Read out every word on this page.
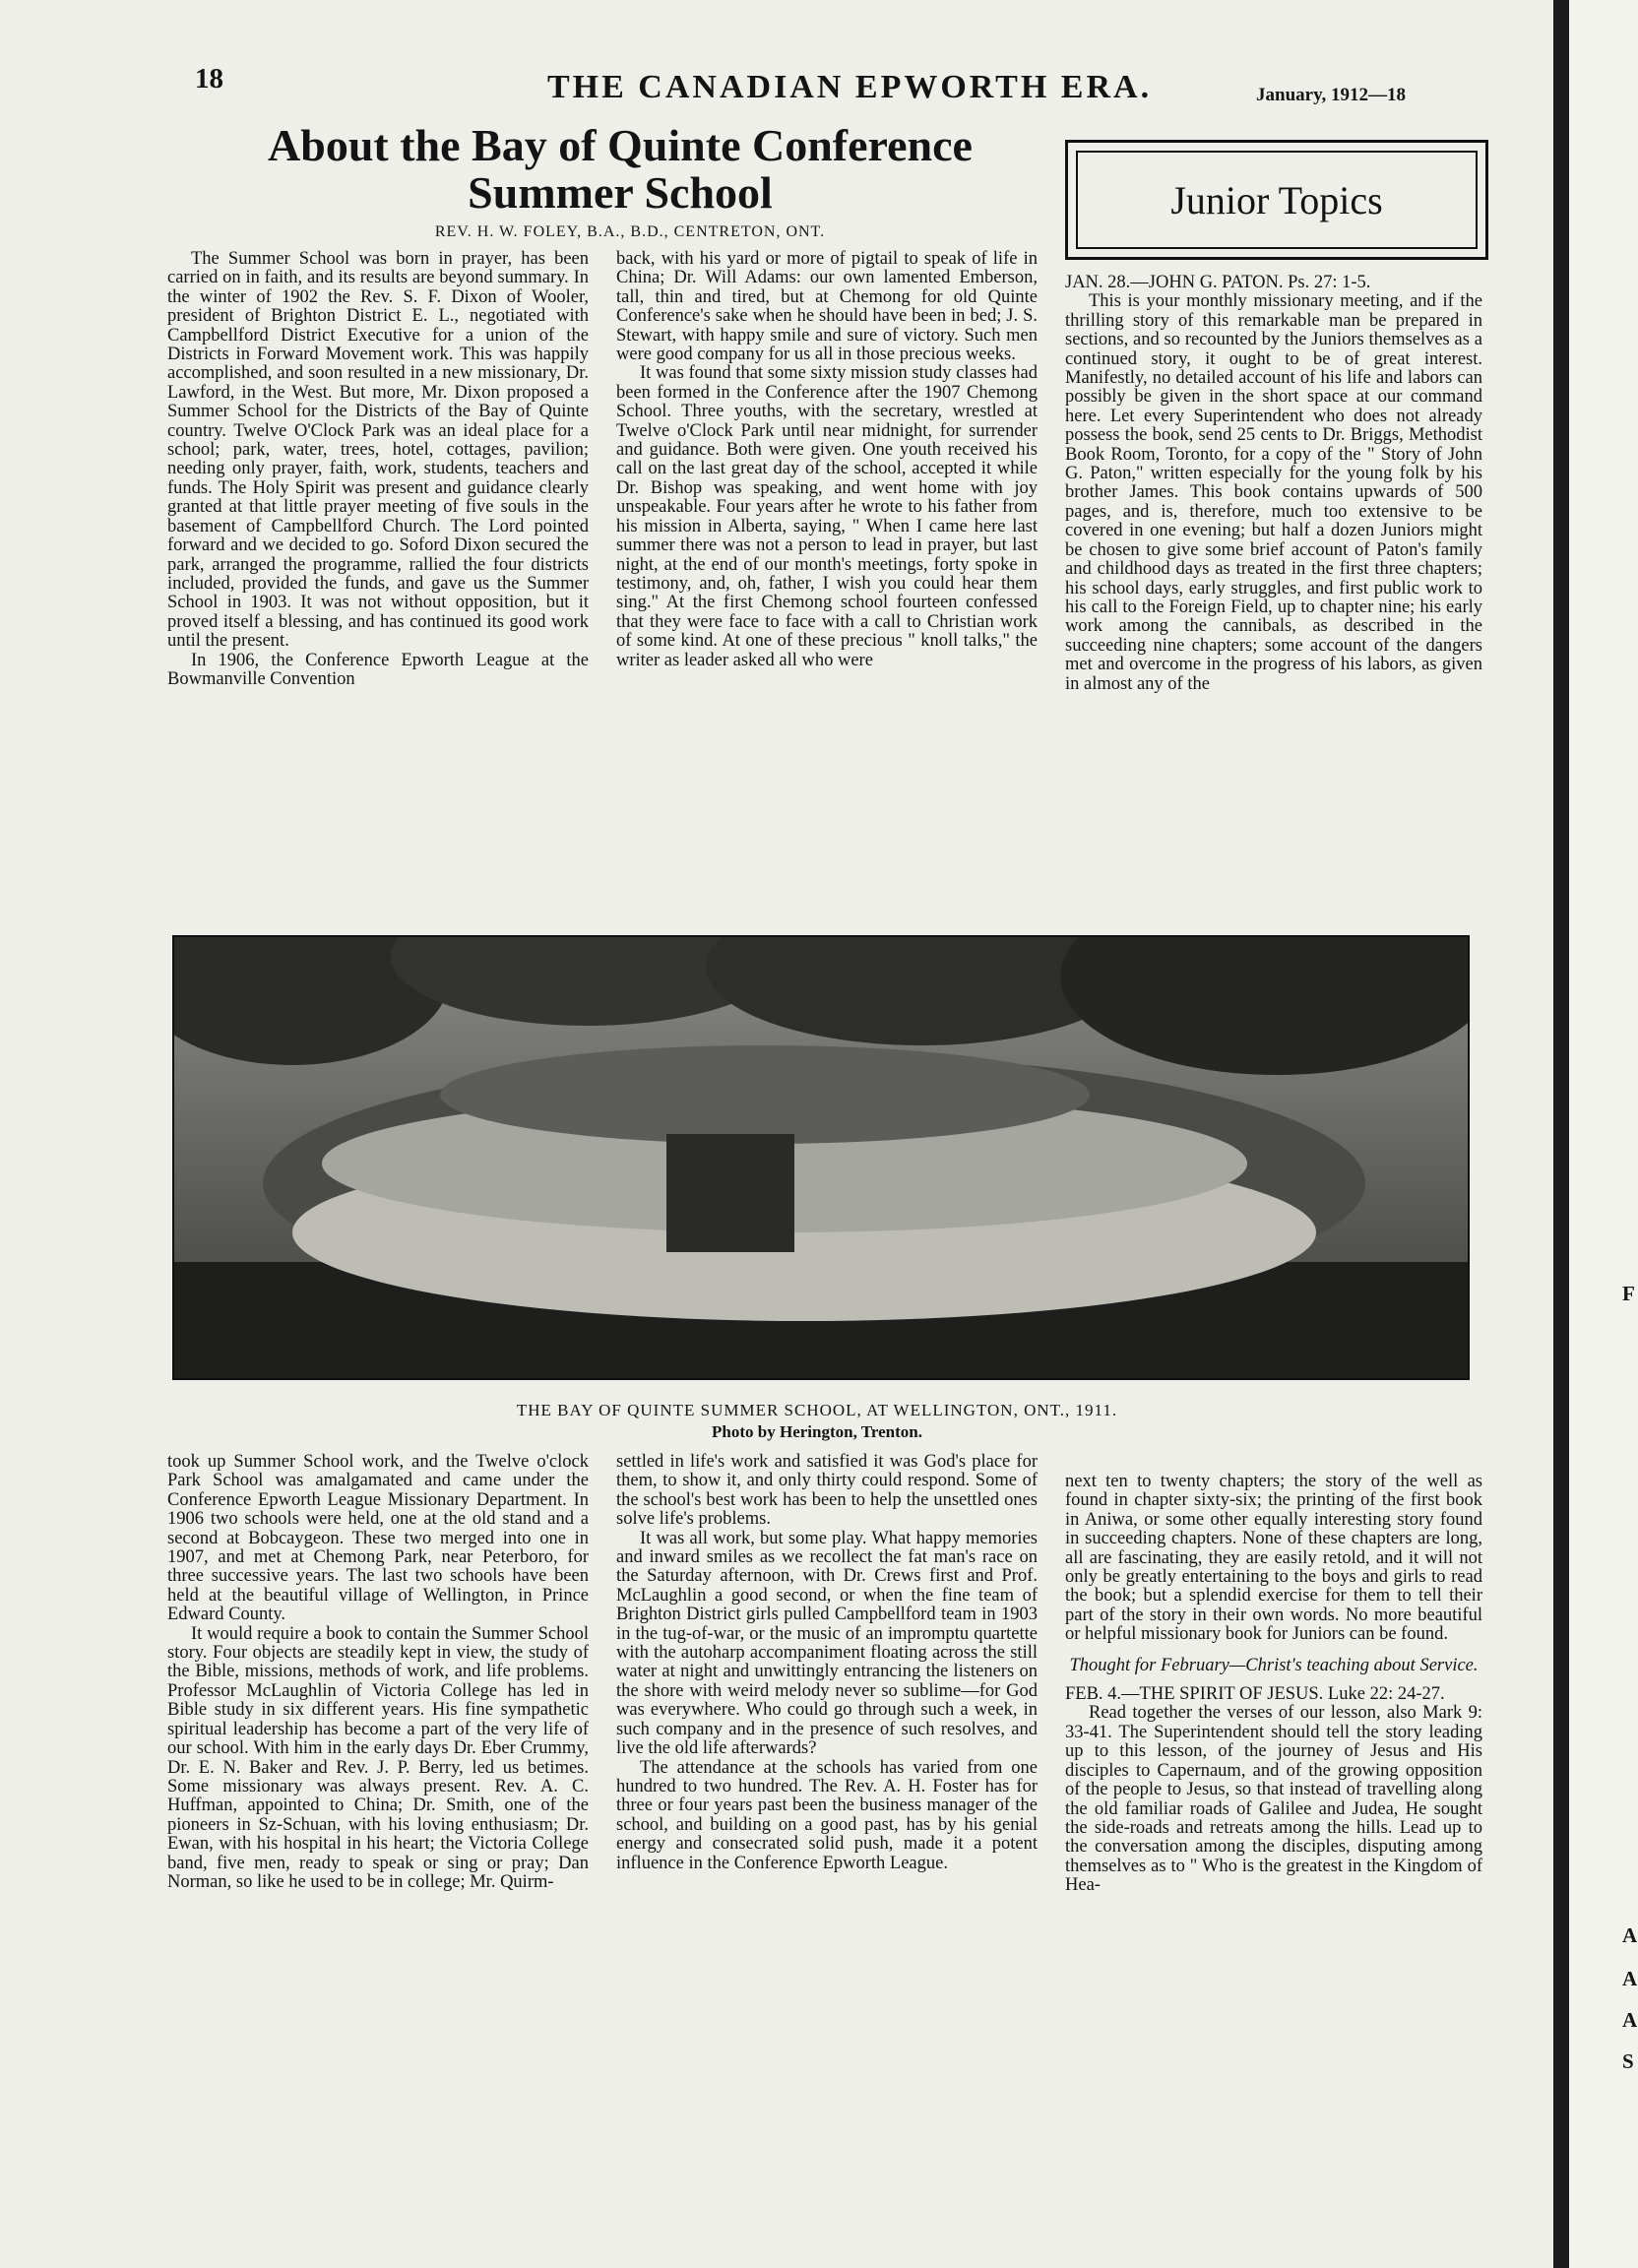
18	THE CANADIAN EPWORTH ERA.	January, 1912—18
About the Bay of Quinte Conference Summer School
REV. H. W. FOLEY, B.A., B.D., CENTRETON, ONT.

The Summer School was born in prayer, has been carried on in faith, and its results are beyond summary. In the winter of 1902 the Rev. S. F. Dixon of Wooler, president of Brighton District E. L., negotiated with Campbellford District Executive for a union of the Districts in Forward Movement work. This was happily accomplished, and soon resulted in a new missionary, Dr. Lawford, in the West. But more, Mr. Dixon proposed a Summer School for the Districts of the Bay of Quinte country. Twelve O'Clock Park was an ideal place for a school; park, water, trees, hotel, cottages, pavilion; needing only prayer, faith, work, students, teachers and funds. The Holy Spirit was present and guidance clearly granted at that little prayer meeting of five souls in the basement of Campbellford Church. The Lord pointed forward and we decided to go. Soford Dixon secured the park, arranged the programme, rallied the four districts included, provided the funds, and gave us the Summer School in 1903. It was not without opposition, but it proved itself a blessing, and has continued its good work until the present.

In 1906, the Conference Epworth League at the Bowmanville Convention

back, with his yard or more of pigtail to speak of life in China; Dr. Will Adams: our own lamented Emberson, tall, thin and tired, but at Chemong for old Quinte Conference's sake when he should have been in bed; J. S. Stewart, with happy smile and sure of victory. Such men were good company for us all in those precious weeks.

It was found that some sixty mission study classes had been formed in the Conference after the 1907 Chemong School. Three youths, with the secretary, wrestled at Twelve o'Clock Park until near midnight, for surrender and guidance. Both were given. One youth received his call on the last great day of the school, accepted it while Dr. Bishop was speaking, and went home with joy unspeakable. Four years after he wrote to his father from his mission in Alberta, saying, " When I came here last summer there was not a person to lead in prayer, but last night, at the end of our month's meetings, forty spoke in testimony, and, oh, father, I wish you could hear them sing." At the first Chemong school fourteen confessed that they were face to face with a call to Christian work of some kind. At one of these precious " knoll talks," the writer as leader asked all who were

Junior Topics

JAN. 28.—JOHN G. PATON. Ps. 27: 1-5.

This is your monthly missionary meeting, and if the thrilling story of this remarkable man be prepared in sections, and so recounted by the Juniors themselves as a continued story, it ought to be of great interest. Manifestly, no detailed account of his life and labors can possibly be given in the short space at our command here. Let every Superintendent who does not already possess the book, send 25 cents to Dr. Briggs, Methodist Book Room, Toronto, for a copy of the " Story of John G. Paton," written especially for the young folk by his brother James. This book contains upwards of 500 pages, and is, therefore, much too extensive to be covered in one evening; but half a dozen Juniors might be chosen to give some brief account of Paton's family and childhood days as treated in the first three chapters; his school days, early struggles, and first public work to his call to the Foreign Field, up to chapter nine; his early work among the cannibals, as described in the succeeding nine chapters; some account of the dangers met and overcome in the progress of his labors, as given in almost any of the

THE BAY OF QUINTE SUMMER SCHOOL, AT WELLINGTON, ONT., 1911.
Photo by Herington, Trenton.

took up Summer School work, and the Twelve o'clock Park School was amalgamated and came under the Conference Epworth League Missionary Department. In 1906 two schools were held, one at the old stand and a second at Bobcaygeon. These two merged into one in 1907, and met at Chemong Park, near Peterboro, for three successive years. The last two schools have been held at the beautiful village of Wellington, in Prince Edward County.

It would require a book to contain the Summer School story. Four objects are steadily kept in view, the study of the Bible, missions, methods of work, and life problems. Professor McLaughlin of Victoria College has led in Bible study in six different years. His fine sympathetic spiritual leadership has become a part of the very life of our school. With him in the early days Dr. Eber Crummy, Dr. E. N. Baker and Rev. J. P. Berry, led us betimes. Some missionary was always present. Rev. A. C. Huffman, appointed to China; Dr. Smith, one of the pioneers in Sz-Schuan, with his loving enthusiasm; Dr. Ewan, with his hospital in his heart; the Victoria College band, five men, ready to speak or sing or pray; Dan Norman, so like he used to be in college; Mr. Quirm-

settled in life's work and satisfied it was God's place for them, to show it, and only thirty could respond. Some of the school's best work has been to help the unsettled ones solve life's problems.

It was all work, but some play. What happy memories and inward smiles as we recollect the fat man's race on the Saturday afternoon, with Dr. Crews first and Prof. McLaughlin a good second, or when the fine team of Brighton District girls pulled Campbellford team in 1903 in the tug-of-war, or the music of an impromptu quartette with the autoharp accompaniment floating across the still water at night and unwittingly entrancing the listeners on the shore with weird melody never so sublime—for God was everywhere. Who could go through such a week, in such company and in the presence of such resolves, and live the old life afterwards?

The attendance at the schools has varied from one hundred to two hundred. The Rev. A. H. Foster has for three or four years past been the business manager of the school, and building on a good past, has by his genial energy and consecrated solid push, made it a potent influence in the Conference Epworth League.

next ten to twenty chapters; the story of the well as found in chapter sixty-six; the printing of the first book in Aniwa, or some other equally interesting story found in succeeding chapters. None of these chapters are long, all are fascinating, they are easily retold, and it will not only be greatly entertaining to the boys and girls to read the book; but a splendid exercise for them to tell their part of the story in their own words. No more beautiful or helpful missionary book for Juniors can be found.

Thought for February—Christ's teaching about Service.

FEB. 4.—THE SPIRIT OF JESUS. Luke 22: 24-27.

Read together the verses of our lesson, also Mark 9: 33-41. The Superintendent should tell the story leading up to this lesson, of the journey of Jesus and His disciples to Capernaum, and of the growing opposition of the people to Jesus, so that instead of travelling along the old familiar roads of Galilee and Judea, He sought the side-roads and retreats among the hills. Lead up to the conversation among the disciples, disputing among themselves as to " Who is the greatest in the Kingdom of Hea-

F
A
A
A
S
